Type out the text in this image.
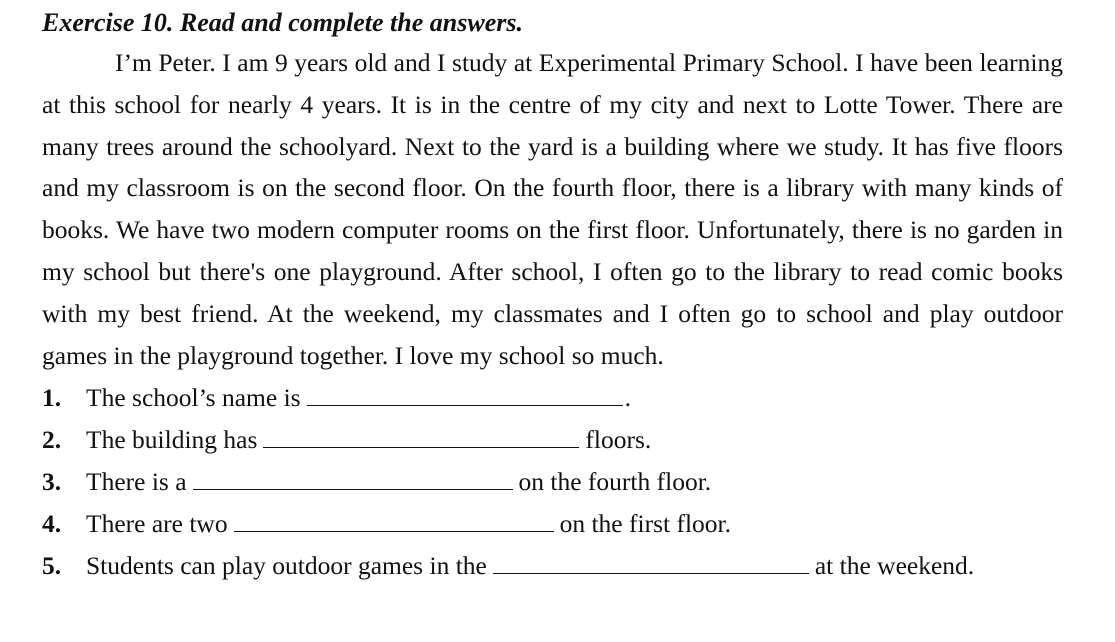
Exercise 10. Read and complete the answers.

I’m Peter. I am 9 years old and I study at Experimental Primary School. I have been learning at this school for nearly 4 years. It is in the centre of my city and next to Lotte Tower. There are many trees around the schoolyard. Next to the yard is a building where we study. It has five floors and my classroom is on the second floor. On the fourth floor, there is a library with many kinds of books. We have two modern computer rooms on the first floor. Unfortunately, there is no garden in my school but there's one playground. After school, I often go to the library to read comic books with my best friend. At the weekend, my classmates and I often go to school and play outdoor games in the playground together. I love my school so much.

1. The school’s name is	.
2. The building has	floors.
3. There is a	on the fourth floor.
4. There are two	on the first floor.
5. Students can play outdoor games in the	at the weekend.
